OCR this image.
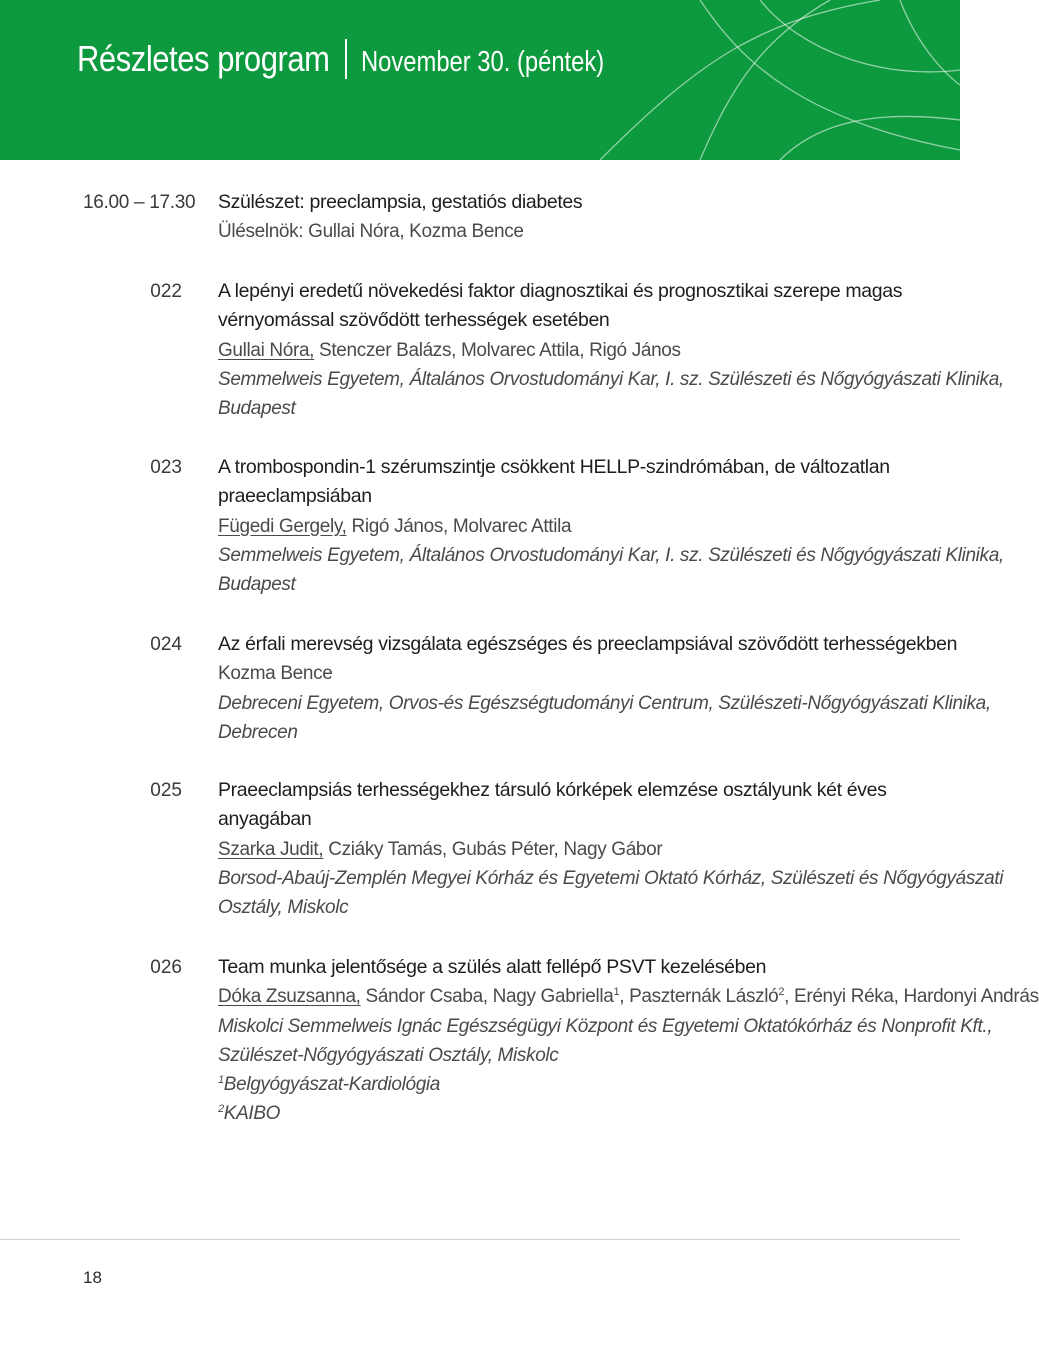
Részletes program November 30. (péntek)
16.00 – 17.30 Szülészet: preeclampsia, gestatiós diabetes
Üléselnök: Gullai Nóra, Kozma Bence
022 A lepényi eredetű növekedési faktor diagnosztikai és prognosztikai szerepe magas
vérnyomással szövődött terhességek esetében
Gullai Nóra, Stenczer Balázs, Molvarec Attila, Rigó János
Semmelweis Egyetem, Általános Orvostudományi Kar, I. sz. Szülészeti és Nőgyógyászati Klinika,
Budapest
023 A trombospondin-1 szérumszintje csökkent HELLP-szindrómában, de változatlan
praeeclampsiában
Fügedi Gergely, Rigó János, Molvarec Attila
Semmelweis Egyetem, Általános Orvostudományi Kar, I. sz. Szülészeti és Nőgyógyászati Klinika,
Budapest
024 Az érfali merevség vizsgálata egészséges és preeclampsiával szövődött terhességekben
Kozma Bence
Debreceni Egyetem, Orvos-és Egészségtudományi Centrum, Szülészeti-Nőgyógyászati Klinika,
Debrecen
025 Praeeclampsiás terhességekhez társuló kórképek elemzése osztályunk két éves
anyagában
Szarka Judit, Cziáky Tamás, Gubás Péter, Nagy Gábor
Borsod-Abaúj-Zemplén Megyei Kórház és Egyetemi Oktató Kórház, Szülészeti és Nőgyógyászati
Osztály, Miskolc
026 Team munka jelentősége a szülés alatt fellépő PSVT kezelésében
Dóka Zsuzsanna, Sándor Csaba, Nagy Gabriella$^1$, Paszternák László$^2$, Erényi Réka, Hardonyi András
Miskolci Semmelweis Ignác Egészségügyi Központ és Egyetemi Oktatókórház és Nonprofit Kft.,
Szülészet-Nőgyógyászati Osztály, Miskolc
$^1$Belgyógyászat-Kardiológia
$^2$KAIBO
18
